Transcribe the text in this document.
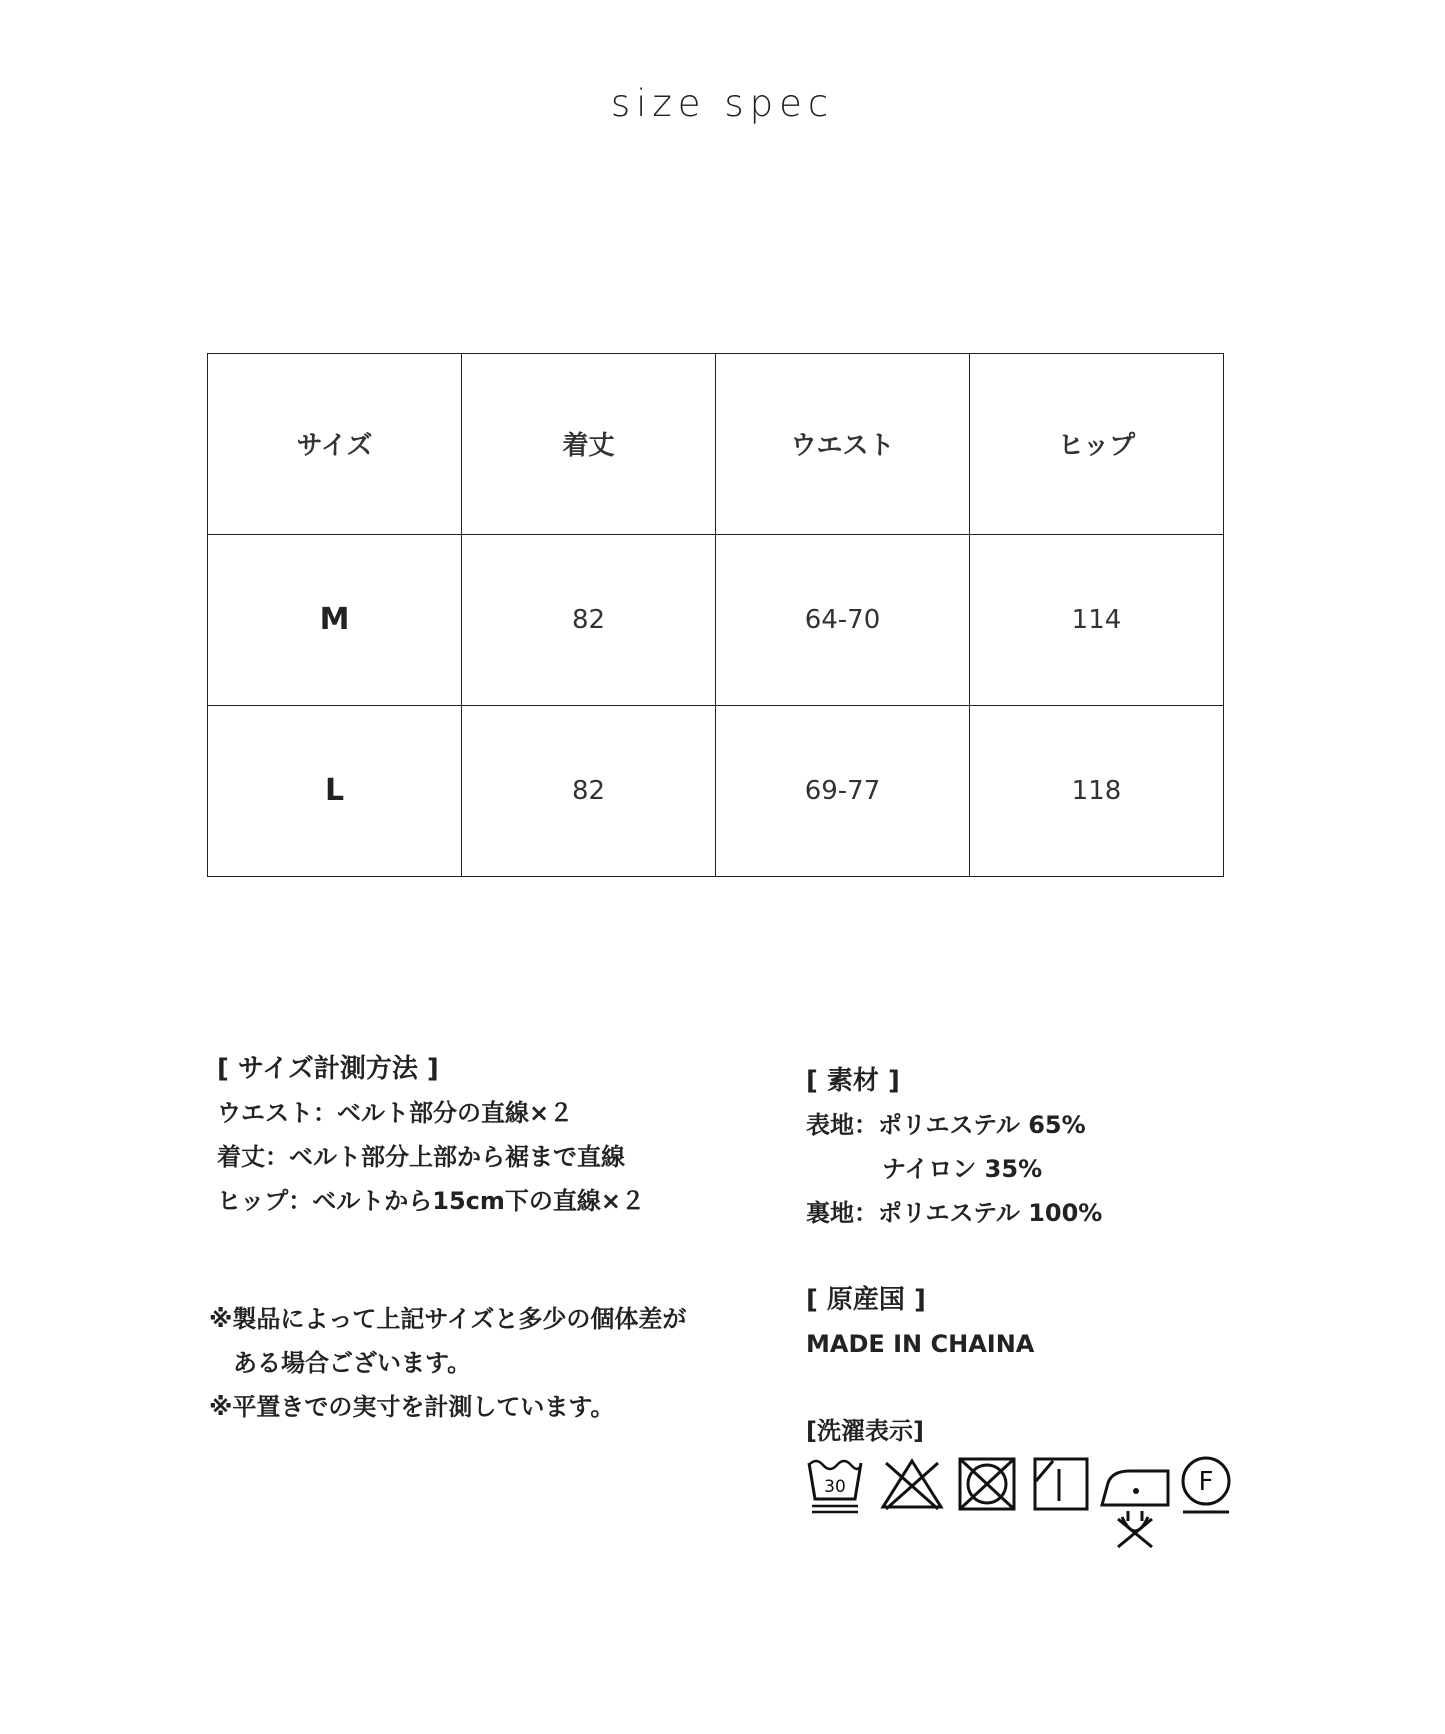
size spec
サイズ	着丈	ウエスト	ヒップ
M	82	64-70	114
L	82	69-77	118
[ サイズ計測方法 ]
ウエスト：ベルト部分の直線×２
着丈：ベルト部分上部から裾まで直線
ヒップ：ベルトから15cm下の直線×２
※製品によって上記サイズと多少の個体差が
ある場合ございます。
※平置きでの実寸を計測しています。
[ 素材 ]
表地：ポリエステル 65%
ナイロン 35%
裏地：ポリエステル 100%
[ 原産国 ]
MADE IN CHAINA
[洗濯表示]
30	F
